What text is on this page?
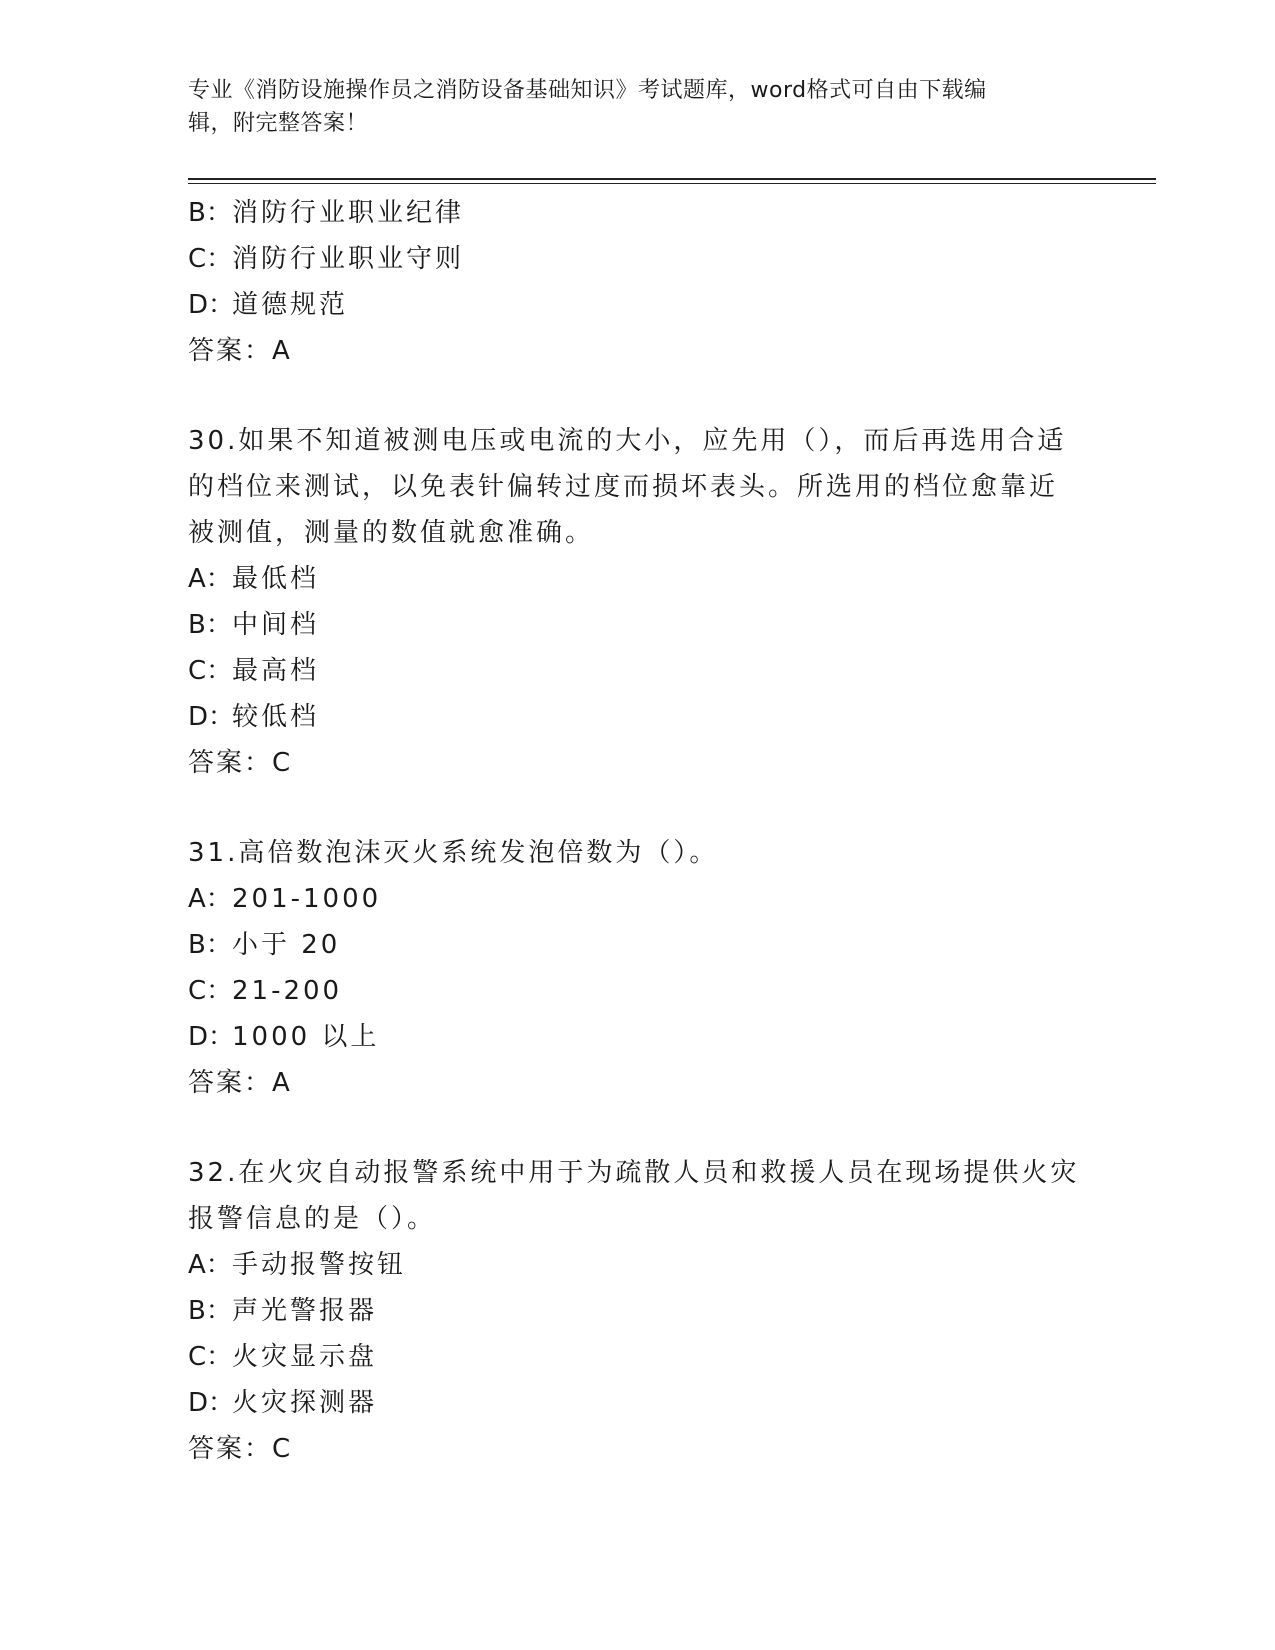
专业《消防设施操作员之消防设备基础知识》考试题库，word格式可自由下载编
辑，附完整答案！
B：消防行业职业纪律
C：消防行业职业守则
D：道德规范
答案：A
30.如果不知道被测电压或电流的大小，应先用（），而后再选用合适
的档位来测试，以免表针偏转过度而损坏表头。所选用的档位愈靠近
被测值，测量的数值就愈准确。
A：最低档
B：中间档
C：最高档
D：较低档
答案：C
31.高倍数泡沫灭火系统发泡倍数为（）。
A：201-1000
B：小于 20
C：21-200
D：1000 以上
答案：A
32.在火灾自动报警系统中用于为疏散人员和救援人员在现场提供火灾
报警信息的是（）。
A：手动报警按钮
B：声光警报器
C：火灾显示盘
D：火灾探测器
答案：C
